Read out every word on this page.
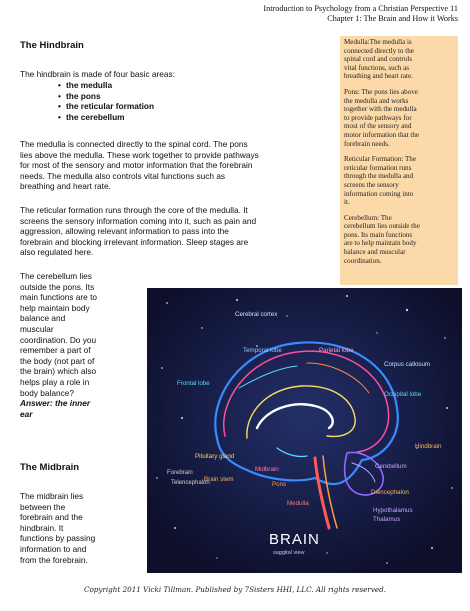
Introduction to Psychology from a Christian Perspective 11
Chapter 1: The Brain and How it Works
The Hindbrain
The hindbrain is made of four basic areas:
• the medulla
• the pons
• the reticular formation
• the cerebellum
The medulla is connected directly to the spinal cord. The pons
lies above the medulla. These work together to provide pathways
for most of the sensory and motor information that the forebrain
needs. The medulla also controls vital functions such as
breathing and heart rate.
The reticular formation runs through the core of the medulla. It
screens the sensory information coming into it, such as pain and
aggression, allowing relevant information to pass into the
forebrain and blocking irrelevant information. Sleep stages are
also regulated here.
The cerebellum lies
outside the pons. Its
main functions are to
help maintain body
balance and
muscular
coordination. Do you
remember a part of
the body (not part of
the brain) which also
helps play a role in
body balance?
Answer: the inner
ear
The Midbrain
The midbrain lies
between the
forebrain and the
hindbrain. It
functions by passing
information to and
from the forebrain.

Medulla:The medulla is
connected directly to the
spinal cord and controls
vital functions, such as
breathing and heart rate.

Pons: The pons lies above
the medulla and works
together with the medulla
to provide pathways for
most of the sensory and
motor information that the
forebrain needs.

Reticular Formation: The
reticular formation runs
through the medulla and
screens the sensory
information coming into
it.

Cerebellum: The
cerebellum lies outside the
pons. Its main functions
are to help maintain body
balance and muscular
coordination.

Cerebral cortex
Temporal lobe	Parietal lobe
Corpus callosum
Frontal lobe
Occipital lobe
Hindbrain
Pituitary gland
Midbrain	Cerebellum
Forebrain
Brain stem
Pons
Telencephalon
Medulla
Diencephalon
Hypothalamus
Thalamus
BRAIN
saggital view
Copyright 2011 Vicki Tillman. Published by 7Sisters HHI, LLC. All rights reserved.
